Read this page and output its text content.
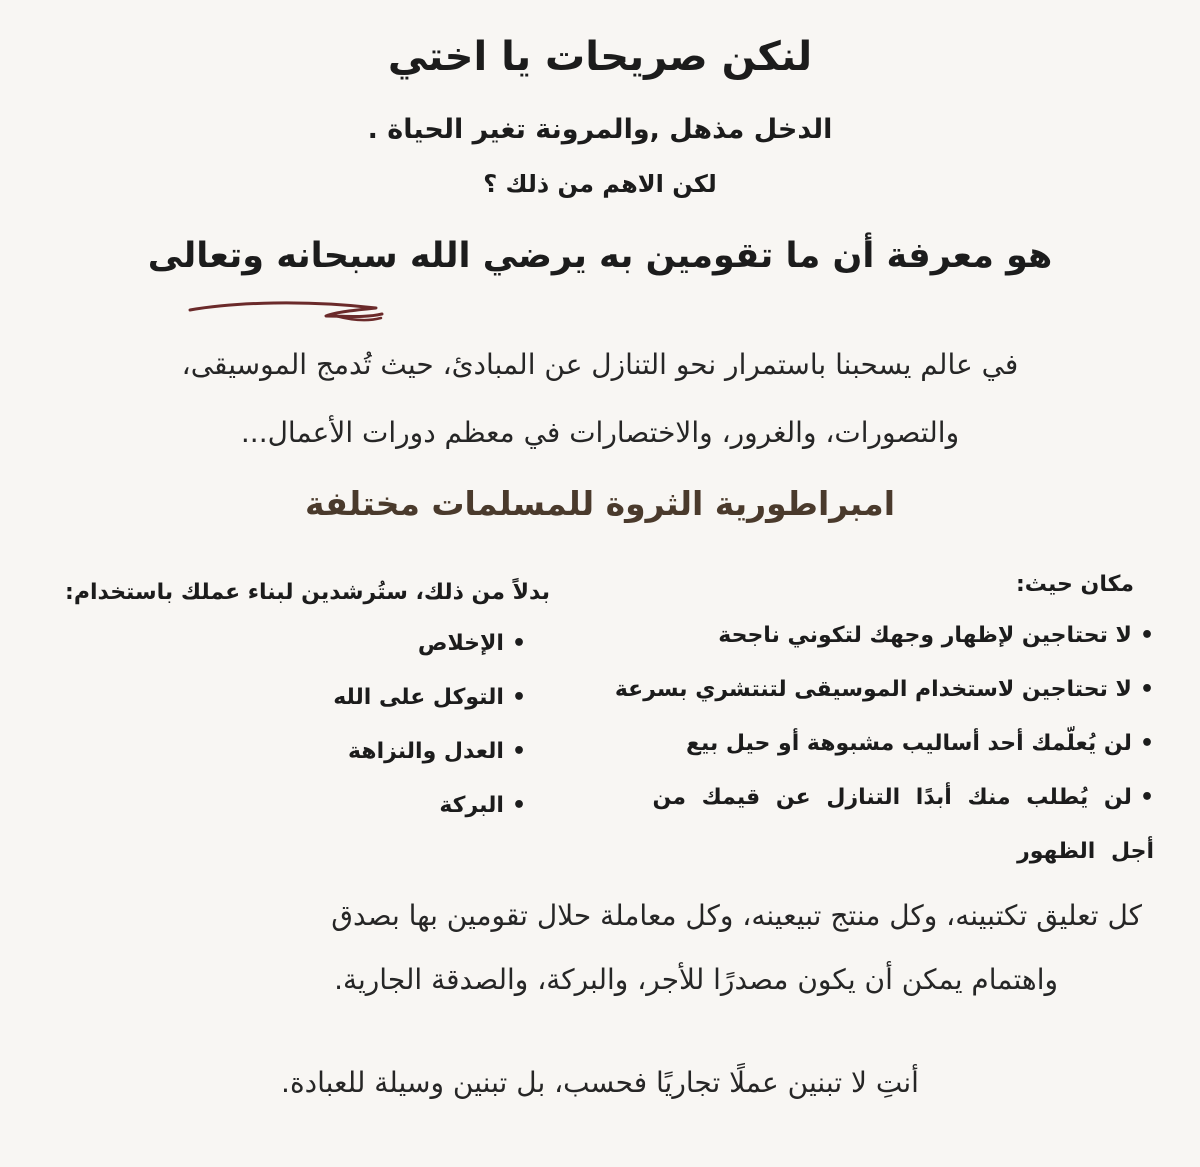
لنكن صريحات يا اختي
الدخل مذهل ,والمرونة تغير الحياة .
لكن الاهم من ذلك ؟
هو معرفة أن ما تقومين به يرضي الله سبحانه وتعالى
في عالم يسحبنا باستمرار نحو التنازل عن المبادئ، حيث تُدمج الموسيقى،
والتصورات، والغرور، والاختصارات في معظم دورات الأعمال...
امبراطورية الثروة للمسلمات مختلفة
مكان حيث:
•لا تحتاجين لإظهار وجهك لتكوني ناجحة
•لا تحتاجين لاستخدام الموسيقى لتنتشري بسرعة
•لن يُعلّمك أحد أساليب مشبوهة أو حيل بيع
•لن يُطلب منك أبدًا التنازل عن قيمك من أجل الظهور
بدلاً من ذلك، ستُرشدين لبناء عملك باستخدام:
•الإخلاص
•التوكل على الله
•العدل والنزاهة
•البركة
كل تعليق تكتبينه، وكل منتج تبيعينه، وكل معاملة حلال تقومين بها بصدق
واهتمام يمكن أن يكون مصدرًا للأجر، والبركة، والصدقة الجارية.
أنتِ لا تبنين عملًا تجاريًا فحسب، بل تبنين وسيلة للعبادة.
